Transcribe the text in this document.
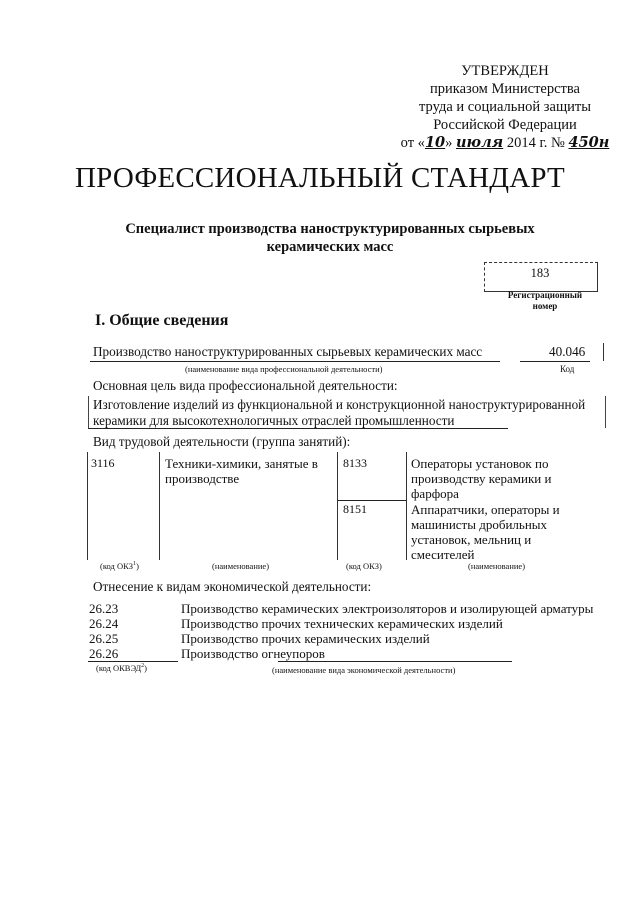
УТВЕРЖДЕН
приказом Министерства
труда и социальной защиты
Российской Федерации
от «10» июля 2014 г. № 450н
ПРОФЕССИОНАЛЬНЫЙ СТАНДАРТ
Специалист производства наноструктурированных сырьевых
керамических масс
183
Регистрационный
номер
I. Общие сведения
Производство наноструктурированных сырьевых керамических масс
(наименование вида профессиональной деятельности)
40.046
Код
Основная цель вида профессиональной деятельности:
Изготовление изделий из функциональной и конструкционной наноструктурированной
керамики для высокотехнологичных отраслей промышленности
Вид трудовой деятельности (группа занятий):
3116	Техники-химики, занятые в
производстве
8133	Операторы установок по
производству керамики и
фарфора
8151	Аппаратчики, операторы и
машинисты дробильных
установок, мельниц и
смесителей
(код ОКЗ$^1$)	(наименование)	(код ОКЗ)	(наименование)
Отнесение к видам экономической деятельности:
26.23	Производство керамических электроизоляторов и изолирующей арматуры
26.24	Производство прочих технических керамических изделий
26.25	Производство прочих керамических изделий
26.26	Производство огнеупоров
(код ОКВЭД$^2$)	(наименование вида экономической деятельности)
